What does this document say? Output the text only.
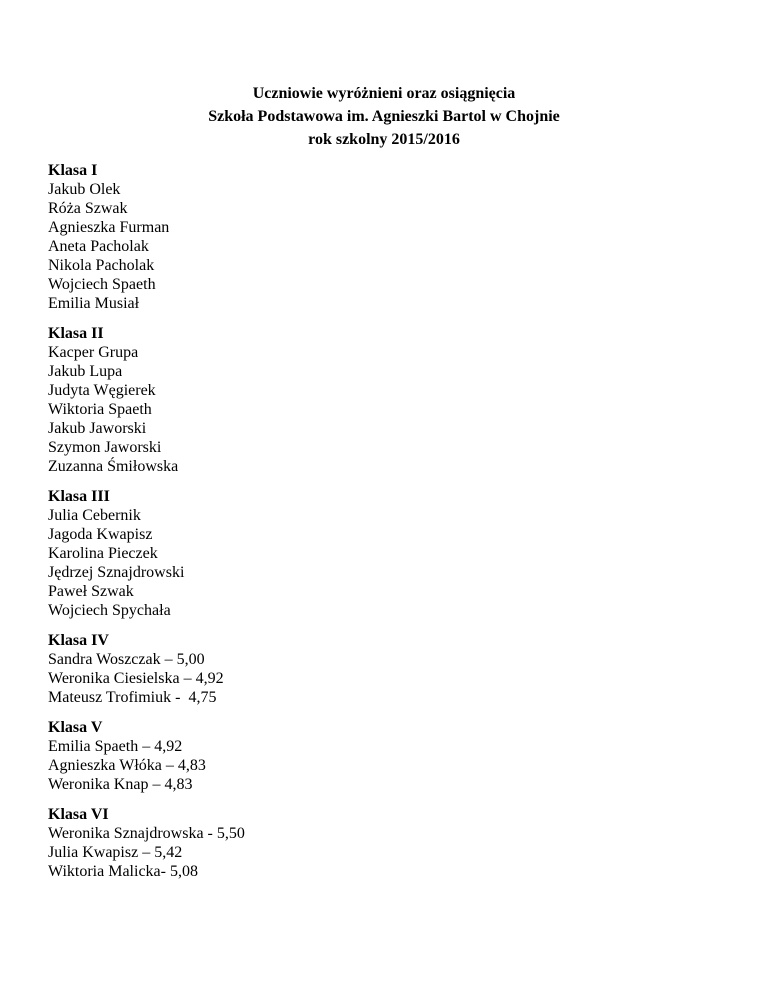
Uczniowie wyróżnieni oraz osiągnięcia
Szkoła Podstawowa im. Agnieszki Bartol w Chojnie
rok szkolny 2015/2016
Klasa I
Jakub Olek
Róża Szwak
Agnieszka Furman
Aneta Pacholak
Nikola Pacholak
Wojciech Spaeth
Emilia Musiał
Klasa II
Kacper Grupa
Jakub Lupa
Judyta Węgierek
Wiktoria Spaeth
Jakub Jaworski
Szymon Jaworski
Zuzanna Śmiłowska
Klasa III
Julia Cebernik
Jagoda Kwapisz
Karolina Pieczek
Jędrzej Sznajdrowski
Paweł Szwak
Wojciech Spychała
Klasa IV
Sandra Woszczak – 5,00
Weronika Ciesielska – 4,92
Mateusz Trofimiuk -  4,75
Klasa V
Emilia Spaeth – 4,92
Agnieszka Włóka – 4,83
Weronika Knap – 4,83
Klasa VI
Weronika Sznajdrowska - 5,50
Julia Kwapisz – 5,42
Wiktoria Malicka- 5,08
